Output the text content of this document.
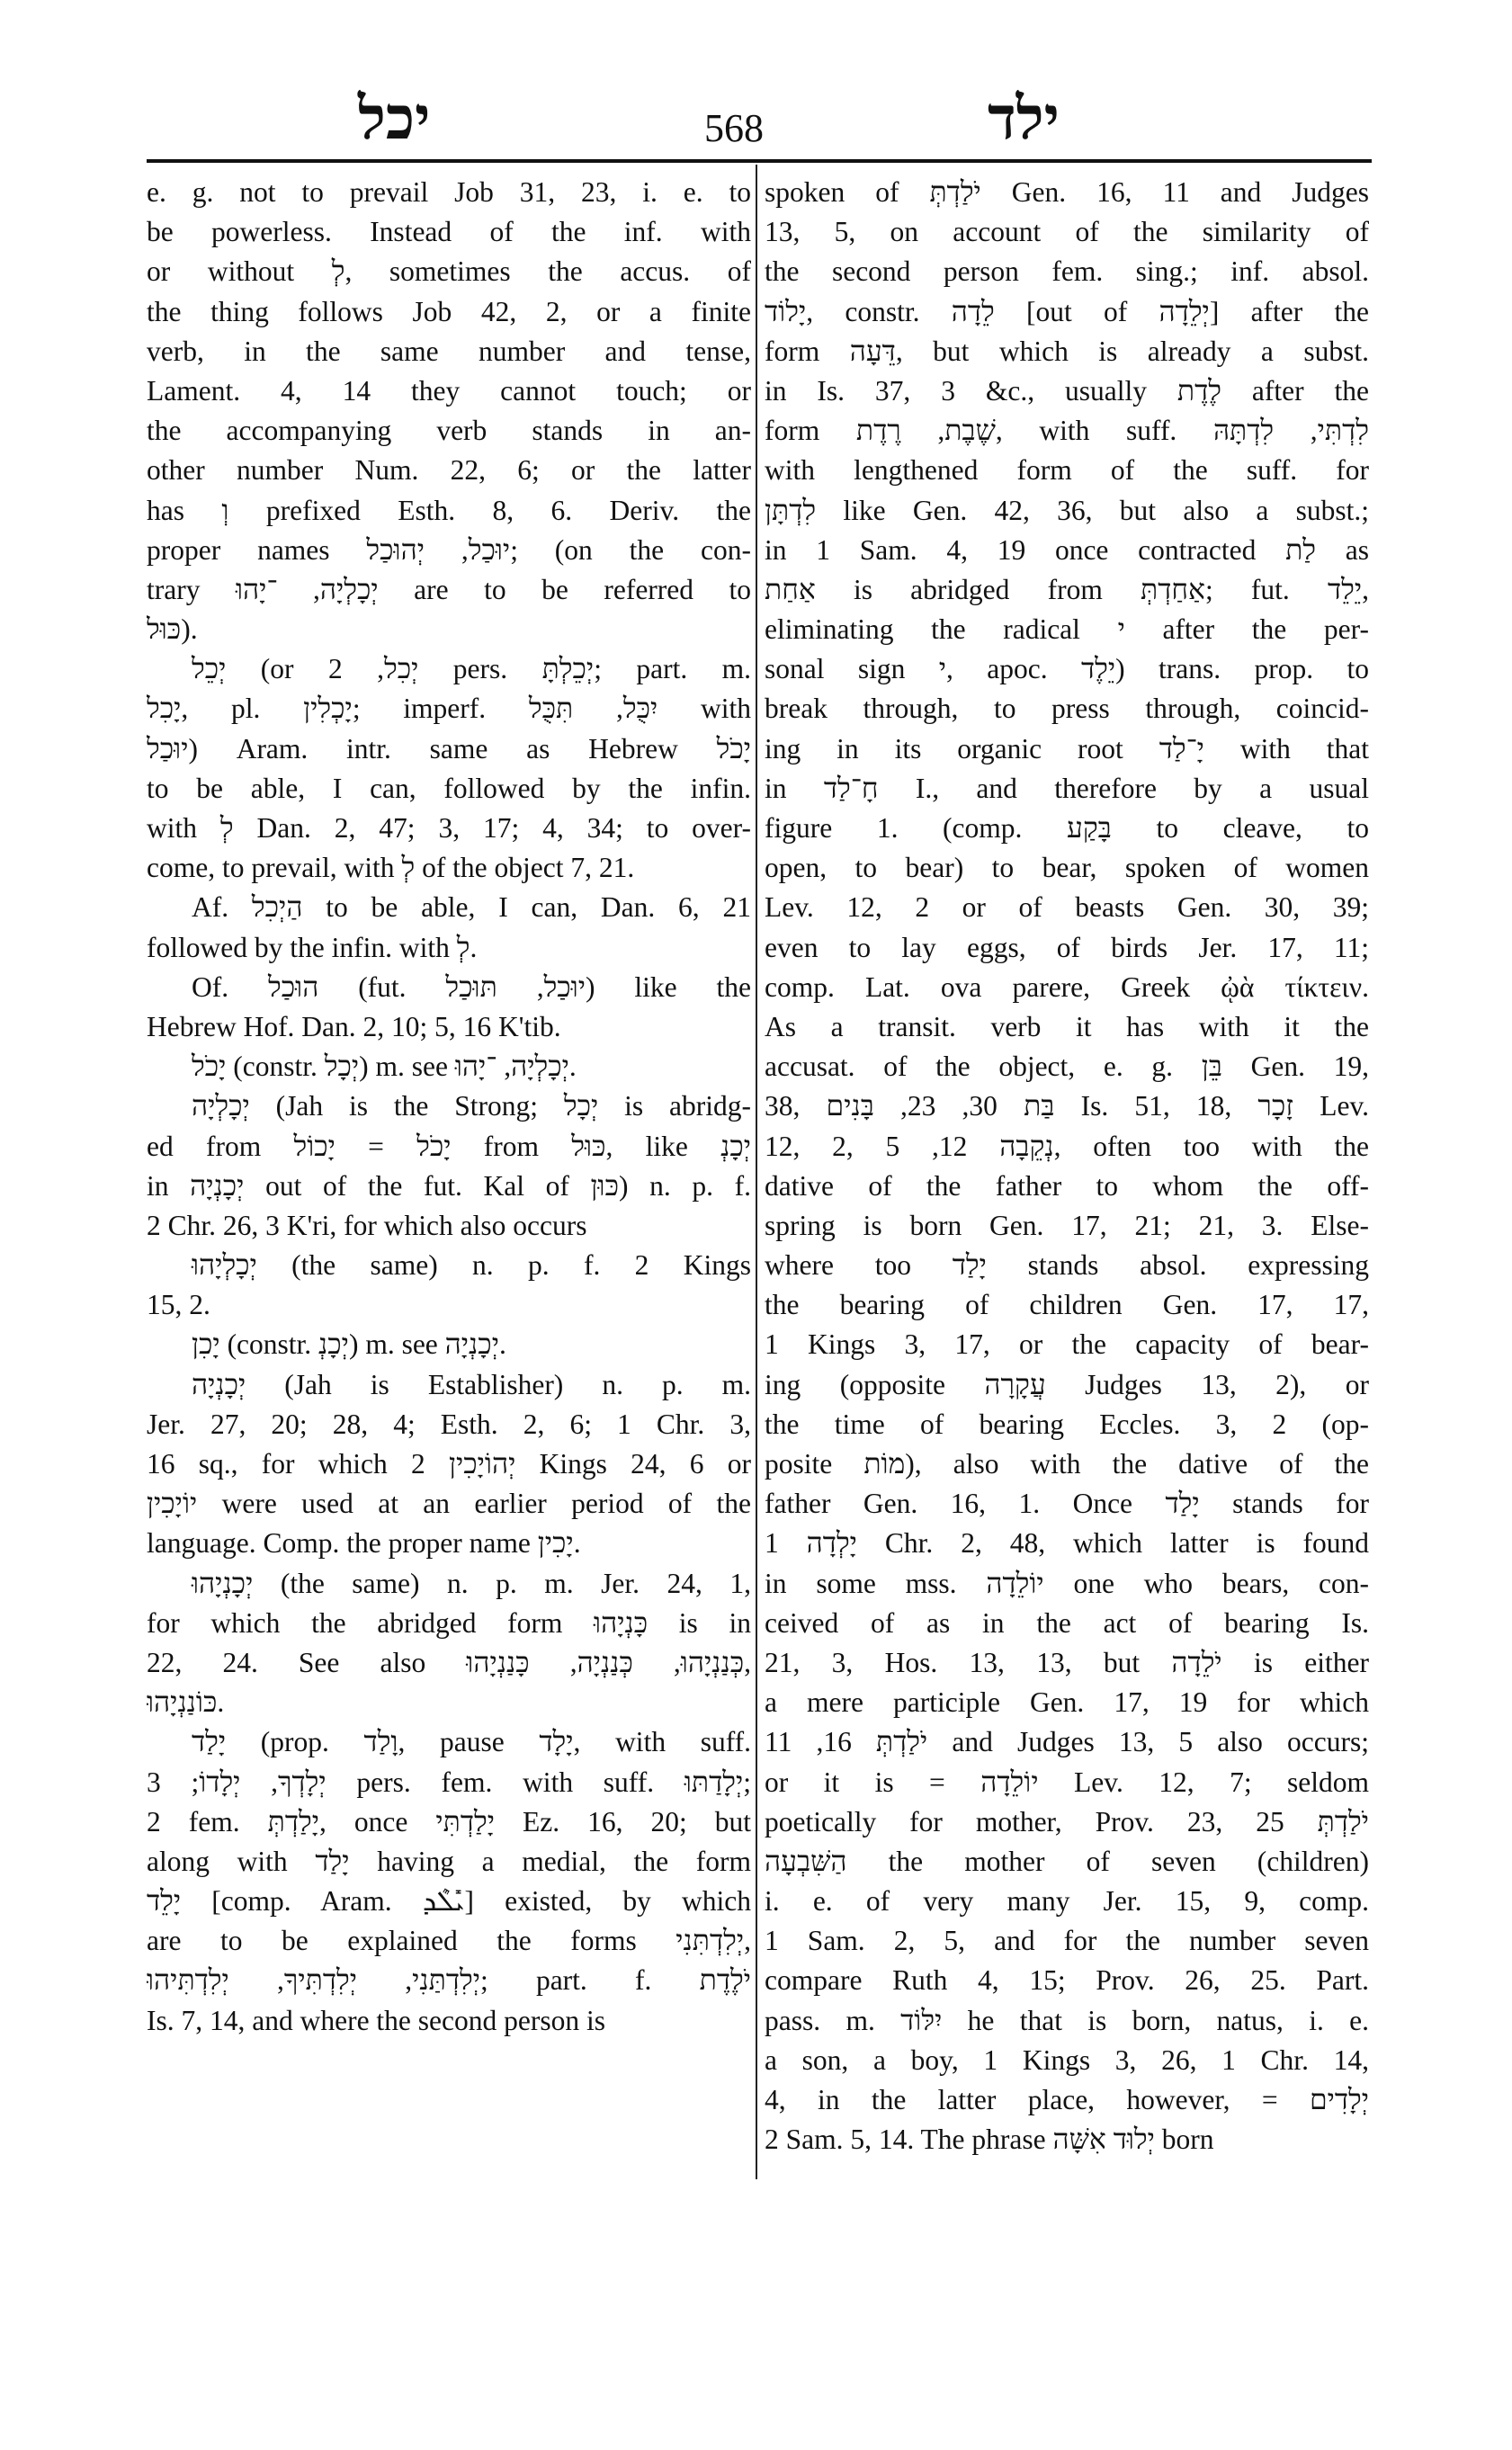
יכל	568	ילד
e. g. not to prevail Job 31, 23, i. e. to
be powerless. Instead of the inf. with
or without לְ, sometimes the accus. of
the thing follows Job 42, 2, or a finite
verb, in the same number and tense,
Lament. 4, 14 they cannot touch; or
the accompanying verb stands in an-
other number Num. 22, 6; or the latter
has וְ prefixed Esth. 8, 6. Deriv. the
proper names יוּכַל, יְהוּכַל; (on the con-
trary יְכָלְיָה, ־יָהוּ are to be referred to
כּוּל).
יְכֵל (or יְכִל, 2 pers. יְכֵלְתָּ; part. m.
יָכִל, pl. יָכְלִין; imperf. יִכֻּל, תִּכֻּל with
יוּכַל) Aram. intr. same as Hebrew יָכֹל
to be able, I can, followed by the infin.
with לְ Dan. 2, 47; 3, 17; 4, 34; to over-
come, to prevail, with לְ of the object 7, 21.
Af. הַיְכִל to be able, I can, Dan. 6, 21
followed by the infin. with לְ.
Of. הוּכַל (fut. יוּכַל, תּוּכַל) like the
Hebrew Hof. Dan. 2, 10; 5, 16 K'tib.
יָכֹל (constr. יְכָל) m. see יְכָלְיָה, ־יָהוּ.
יְכָלְיָה (Jah is the Strong; יְכָל is abridg-
ed from יָכֹל = יָכוֹל from כּוּל, like יְכָנְ
in יְכָנְיָה out of the fut. Kal of כּוּן) n. p. f.
2 Chr. 26, 3 K'ri, for which also occurs
יְכָלְיָהוּ (the same) n. p. f. 2 Kings
15, 2.
יָכִן (constr. יְכָנְ) m. see יְכָנְיָה.
יְכָנְיָה (Jah is Establisher) n. p. m.
Jer. 27, 20; 28, 4; Esth. 2, 6; 1 Chr. 3,
16 sq., for which יְהוֹיָכִין 2 Kings 24, 6 or
יוֹיָכִין were used at an earlier period of the
language. Comp. the proper name יָכִין.
יְכָנְיָהוּ (the same) n. p. m. Jer. 24, 1,
for which the abridged form כָּנְיָהוּ is in
22, 24. See also כְּנַנְיָהוּ, כְּנַנְיָה, כָּנַנְיָהוּ,
כּוֹנַנְיָהוּ.
יָלַד (prop. וָלַד, pause יָלָד, with suff.
יְלָדְךָ, יְלָדוֹ; 3 pers. fem. with suff. יְלָדַתּוּ;
2 fem. יָלַדְתְּ, once יָלַדְתִּי Ez. 16, 20; but
along with יָלַד having a medial, the form
יָלֵד [comp. Aram. ܝܺܠܶܕ] existed, by which
are to be explained the forms יְלִדְתִּנִי,
יְלִדְתַּנִי, יְלִדְתִּיךָ, יְלִדְתִּיהוּ; part. f. יֹלֶדֶת
Is. 7, 14, and where the second person is
spoken of יֹלַדְתְּ Gen. 16, 11 and Judges
13, 5, on account of the similarity of
the second person fem. sing.; inf. absol.
יָלוֹד, constr. לֵדָה [out of יְלֵדָה] after the
form דֵּעָה, but which is already a subst.
in Is. 37, 3 &c., usually לֶדֶת after the
form שֶׁבֶת, רֶדֶת, with suff. לִדְתִּי, לִדְתָּהּ
with lengthened form of the suff. for
לִדְתָּן like Gen. 42, 36, but also a subst.;
in 1 Sam. 4, 19 once contracted לַת as
אַחַת is abridged from אַחַדְתְּ; fut. יֵלֵד,
eliminating the radical י after the per-
sonal sign י, apoc. יֵלֶד) trans. prop. to
break through, to press through, coincid-
ing in its organic root יָ־לַד with that
in חָ־לַד I., and therefore by a usual
figure 1. (comp. בָּקַע to cleave, to
open, to bear) to bear, spoken of women
Lev. 12, 2 or of beasts Gen. 30, 39;
even to lay eggs, of birds Jer. 17, 11;
comp. Lat. ova parere, Greek ᾠὰ τίκτειν.
As a transit. verb it has with it the
accusat. of the object, e. g. בֵּן Gen. 19,
38, בַּת 30, 23, בָּנִים Is. 51, 18, זָכָר Lev.
12, 2, נְקֵבָה 12, 5, often too with the
dative of the father to whom the off-
spring is born Gen. 17, 21; 21, 3. Else-
where too יָלַד stands absol. expressing
the bearing of children Gen. 17, 17,
1 Kings 3, 17, or the capacity of bear-
ing (opposite עֲקָרָה Judges 13, 2), or
the time of bearing Eccles. 3, 2 (op-
posite מוֹת), also with the dative of the
father Gen. 16, 1. Once יָלַד stands for
יָלְדָה 1 Chr. 2, 48, which latter is found
in some mss. יוֹלֵדָה one who bears, con-
ceived of as in the act of bearing Is.
21, 3, Hos. 13, 13, but יֹלֵדָה is either
a mere participle Gen. 17, 19 for which
יֹלַדְתְּ 16, 11 and Judges 13, 5 also occurs;
or it is = יוֹלֵדָה Lev. 12, 7; seldom
poetically for mother, Prov. 23, 25 יֹלַדְתְּ
הַשִּׁבְעָה the mother of seven (children)
i. e. of very many Jer. 15, 9, comp.
1 Sam. 2, 5, and for the number seven
compare Ruth 4, 15; Prov. 26, 25. Part.
pass. m. יִלּוֹד he that is born, natus, i. e.
a son, a boy, 1 Kings 3, 26, 1 Chr. 14,
4, in the latter place, however, = יְלָדִים
2 Sam. 5, 14. The phrase יְלוּד אִשָּׁה born
